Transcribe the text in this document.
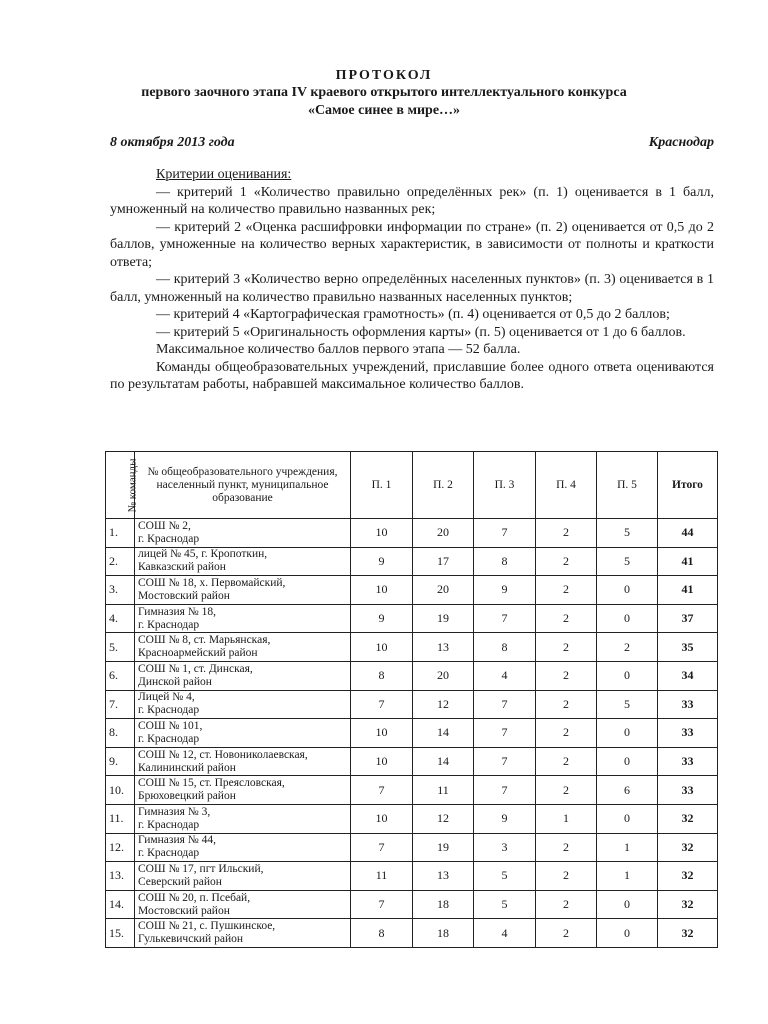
ПРОТОКОЛ
первого заочного этапа IV краевого открытого интеллектуального конкурса
«Самое синее в мире…»
8 октября 2013 года	Краснодар

Критерии оценивания:

— критерий 1 «Количество правильно определённых рек» (п. 1) оценивается в 1 балл, умноженный на количество правильно названных рек;

— критерий 2 «Оценка расшифровки информации по стране» (п. 2) оценивается от 0,5 до 2 баллов, умноженные на количество верных характеристик, в зависимости от полноты и краткости ответа;

— критерий 3 «Количество верно определённых населенных пунктов» (п. 3) оценивается в 1 балл, умноженный на количество правильно названных населенных пунктов;

— критерий 4 «Картографическая грамотность» (п. 4) оценивается от 0,5 до 2 баллов;

— критерий 5 «Оригинальность оформления карты» (п. 5) оценивается от 1 до 6 баллов.

Максимальное количество баллов первого этапа — 52 балла.

Команды общеобразовательных учреждений, приславшие более одного ответа оцениваются по результатам работы, набравшей максимальное количество баллов.

№ команды	№ общеобразовательного учреждения, населенный пункт, муниципальное образование	П. 1	П. 2	П. 3	П. 4	П. 5	Итого
1.	СОШ № 2,
г. Краснодар	10	20	7	2	5	44
2.	лицей № 45, г. Кропоткин,
Кавказский район	9	17	8	2	5	41
3.	СОШ № 18, х. Первомайский,
Мостовский район	10	20	9	2	0	41
4.	Гимназия № 18,
г. Краснодар	9	19	7	2	0	37
5.	СОШ № 8, ст. Марьянская,
Красноармейский район	10	13	8	2	2	35
6.	СОШ № 1, ст. Динская,
Динской район	8	20	4	2	0	34
7.	Лицей № 4,
г. Краснодар	7	12	7	2	5	33
8.	СОШ № 101,
г. Краснодар	10	14	7	2	0	33
9.	СОШ № 12, ст. Новониколаевская,
Калининский район	10	14	7	2	0	33
10.	СОШ № 15, ст. Преясловская,
Брюховецкий район	7	11	7	2	6	33
11.	Гимназия № 3,
г. Краснодар	10	12	9	1	0	32
12.	Гимназия № 44,
г. Краснодар	7	19	3	2	1	32
13.	СОШ № 17, пгт Ильский,
Северский район	11	13	5	2	1	32
14.	СОШ № 20, п. Псебай,
Мостовский район	7	18	5	2	0	32
15.	СОШ № 21, с. Пушкинское,
Гулькевичский район	8	18	4	2	0	32
